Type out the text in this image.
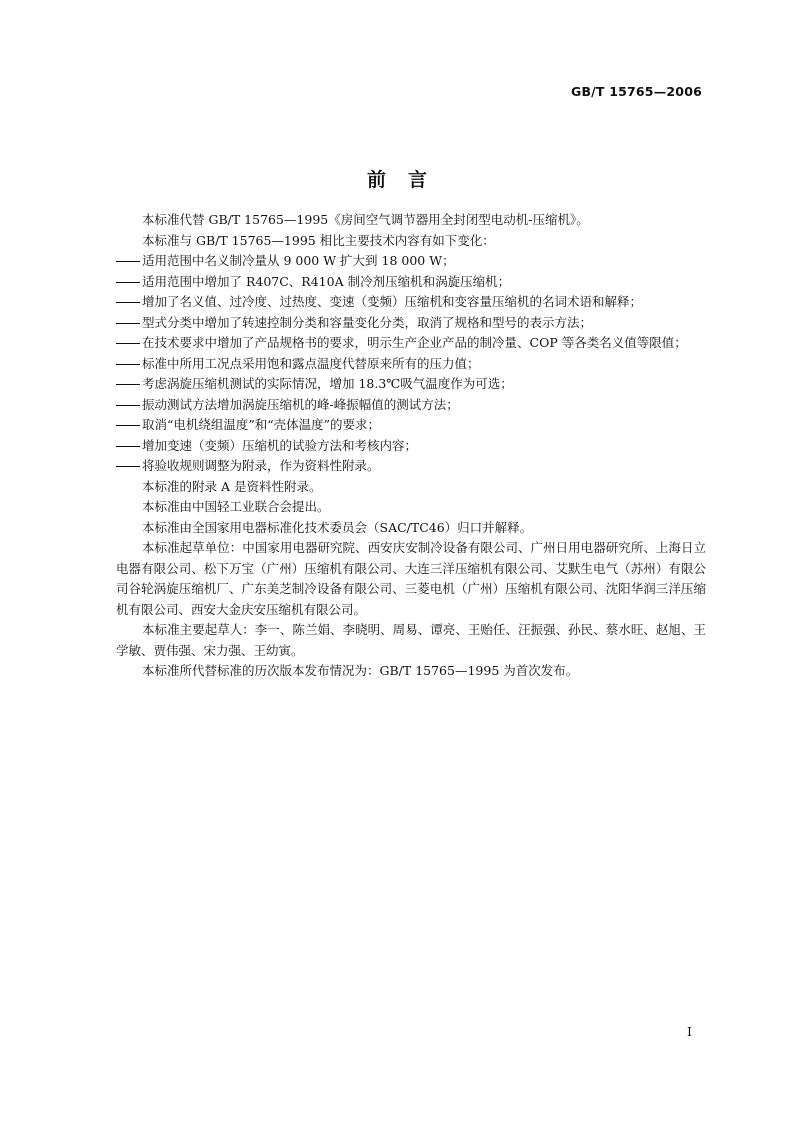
GB/T 15765—2006
前言

本标准代替 GB/T 15765—1995《房间空气调节器用全封闭型电动机-压缩机》。

本标准与 GB/T 15765—1995 相比主要技术内容有如下变化：

适用范围中名义制冷量从 9 000 W 扩大到 18 000 W；

适用范围中增加了 R407C、R410A 制冷剂压缩机和涡旋压缩机；

增加了名义值、过冷度、过热度、变速（变频）压缩机和变容量压缩机的名词术语和解释；

型式分类中增加了转速控制分类和容量变化分类，取消了规格和型号的表示方法；

在技术要求中增加了产品规格书的要求，明示生产企业产品的制冷量、COP 等各类名义值等限值；

标准中所用工况点采用饱和露点温度代替原来所有的压力值；

考虑涡旋压缩机测试的实际情况，增加 18.3℃吸气温度作为可选；

振动测试方法增加涡旋压缩机的峰-峰振幅值的测试方法；

取消“电机绕组温度”和“壳体温度”的要求；

增加变速（变频）压缩机的试验方法和考核内容；

将验收规则调整为附录，作为资料性附录。

本标准的附录 A 是资料性附录。

本标准由中国轻工业联合会提出。

本标准由全国家用电器标准化技术委员会（SAC/TC46）归口并解释。

本标准起草单位：中国家用电器研究院、西安庆安制冷设备有限公司、广州日用电器研究所、上海日立电器有限公司、松下万宝（广州）压缩机有限公司、大连三洋压缩机有限公司、艾默生电气（苏州）有限公司谷轮涡旋压缩机厂、广东美芝制冷设备有限公司、三菱电机（广州）压缩机有限公司、沈阳华润三洋压缩机有限公司、西安大金庆安压缩机有限公司。

本标准主要起草人：李一、陈兰娟、李晓明、周易、谭亮、王贻任、汪振强、孙民、蔡水旺、赵旭、王学敏、贾伟强、宋力强、王幼寅。

本标准所代替标准的历次版本发布情况为：GB/T 15765—1995 为首次发布。

I
